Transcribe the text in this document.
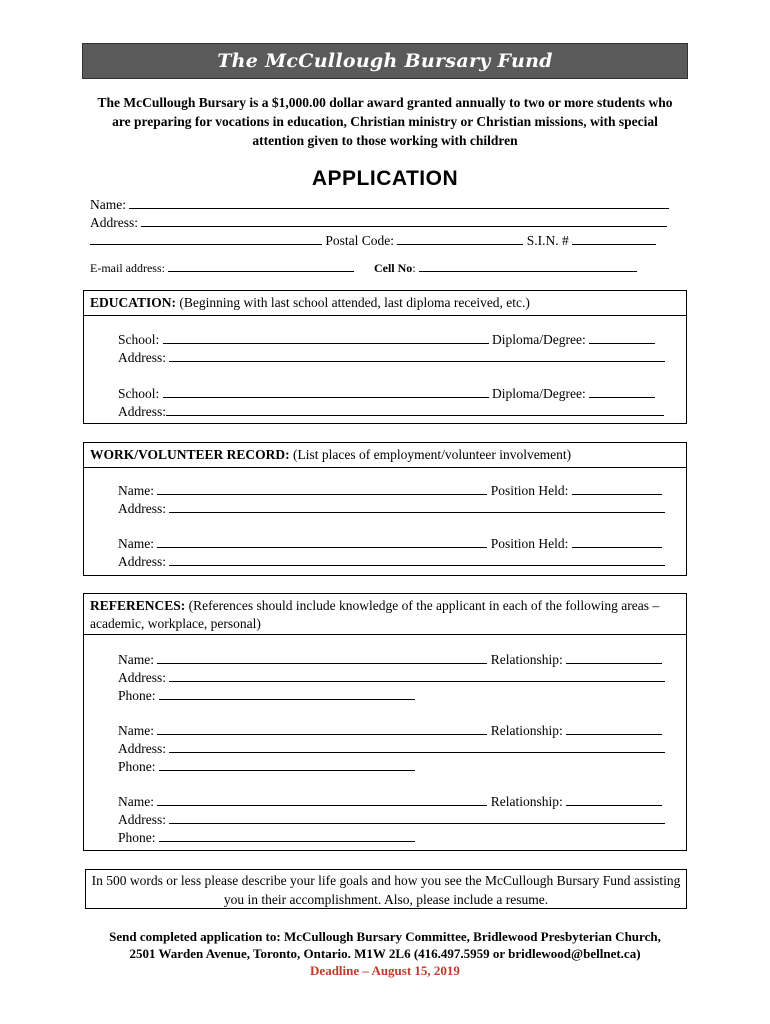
The McCullough Bursary Fund
The McCullough Bursary is a $1,000.00 dollar award granted annually to two or more students who are preparing for vocations in education, Christian ministry or Christian missions, with special attention given to those working with children
APPLICATION
Name:
Address:
Postal Code:	S.I.N. #
E-mail address:	Cell No:
EDUCATION: (Beginning with last school attended, last diploma received, etc.)
School:	Diploma/Degree:
Address:
School:	Diploma/Degree:
Address:
WORK/VOLUNTEER RECORD: (List places of employment/volunteer involvement)
Name:	Position Held:
Address:
Name:	Position Held:
Address:
REFERENCES: (References should include knowledge of the applicant in each of the following areas – academic, workplace, personal)
Name:	Relationship:
Address:
Phone:
Name:	Relationship:
Address:
Phone:
Name:	Relationship:
Address:
Phone:
In 500 words or less please describe your life goals and how you see the McCullough Bursary Fund assisting you in their accomplishment. Also, please include a resume.
Send completed application to: McCullough Bursary Committee, Bridlewood Presbyterian Church,
2501 Warden Avenue, Toronto, Ontario. M1W 2L6 (416.497.5959 or bridlewood@bellnet.ca)
Deadline – August 15, 2019
